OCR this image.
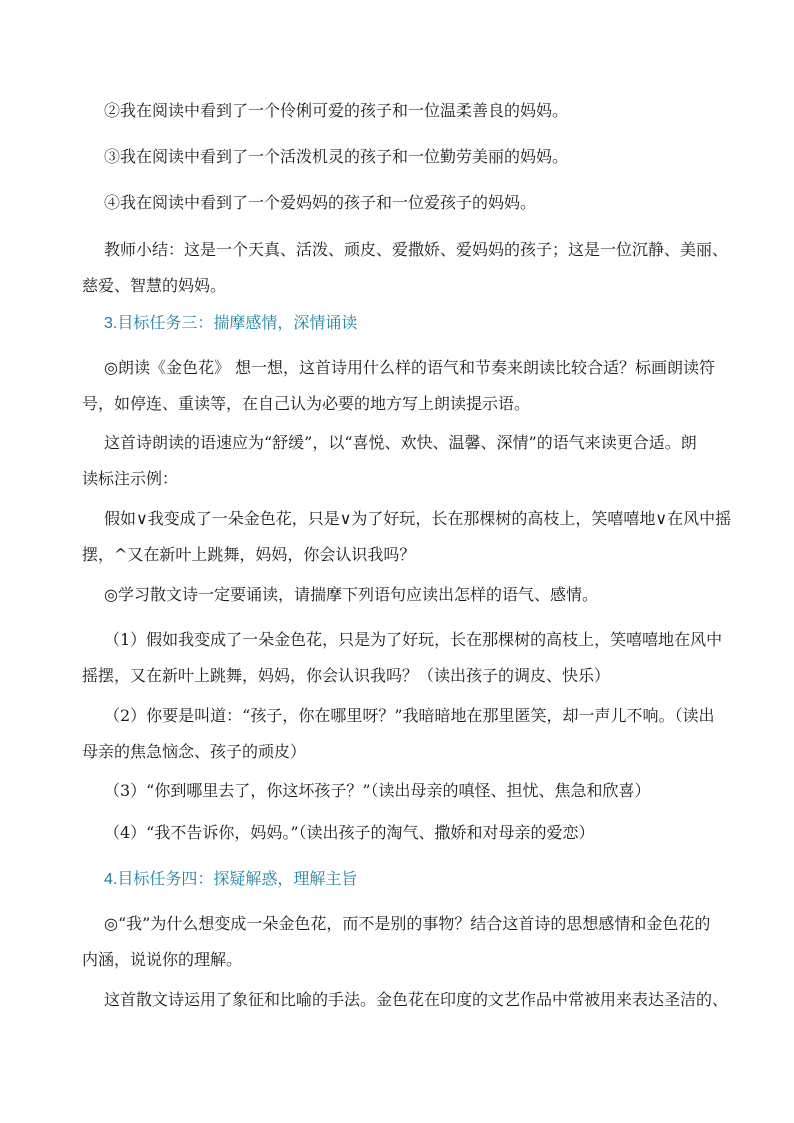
②我在阅读中看到了一个伶俐可爱的孩子和一位温柔善良的妈妈。
③我在阅读中看到了一个活泼机灵的孩子和一位勤劳美丽的妈妈。
④我在阅读中看到了一个爱妈妈的孩子和一位爱孩子的妈妈。
教师小结：这是一个天真、活泼、顽皮、爱撒娇、爱妈妈的孩子；这是一位沉静、美丽、
慈爱、智慧的妈妈。
3.目标任务三：揣摩感情，深情诵读
◎朗读《金色花》 想一想，这首诗用什么样的语气和节奏来朗读比较合适？标画朗读符
号，如停连、重读等，在自己认为必要的地方写上朗读提示语。
这首诗朗读的语速应为“舒缓”，以“喜悦、欢快、温馨、深情”的语气来读更合适。朗
读标注示例：
假如∨我变成了一朵金色花，只是∨为了好玩，长在那棵树的高枝上，笑嘻嘻地∨在风中摇
摆，^又在新叶上跳舞，妈妈，你会认识我吗？
◎学习散文诗一定要诵读，请揣摩下列语句应读出怎样的语气、感情。
（1）假如我变成了一朵金色花，只是为了好玩，长在那棵树的高枝上，笑嘻嘻地在风中
摇摆，又在新叶上跳舞，妈妈，你会认识我吗？（读出孩子的调皮、快乐）
（2）你要是叫道：“孩子，你在哪里呀？”我暗暗地在那里匿笑，却一声儿不响。（读出
母亲的焦急恼念、孩子的顽皮）
（3）“你到哪里去了，你这坏孩子？”（读出母亲的嗔怪、担忧、焦急和欣喜）
（4）“我不告诉你，妈妈。”（读出孩子的淘气、撒娇和对母亲的爱恋）
4.目标任务四：探疑解惑，理解主旨
◎“我”为什么想变成一朵金色花，而不是别的事物？结合这首诗的思想感情和金色花的
内涵，说说你的理解。
这首散文诗运用了象征和比喻的手法。金色花在印度的文艺作品中常被用来表达圣洁的、
